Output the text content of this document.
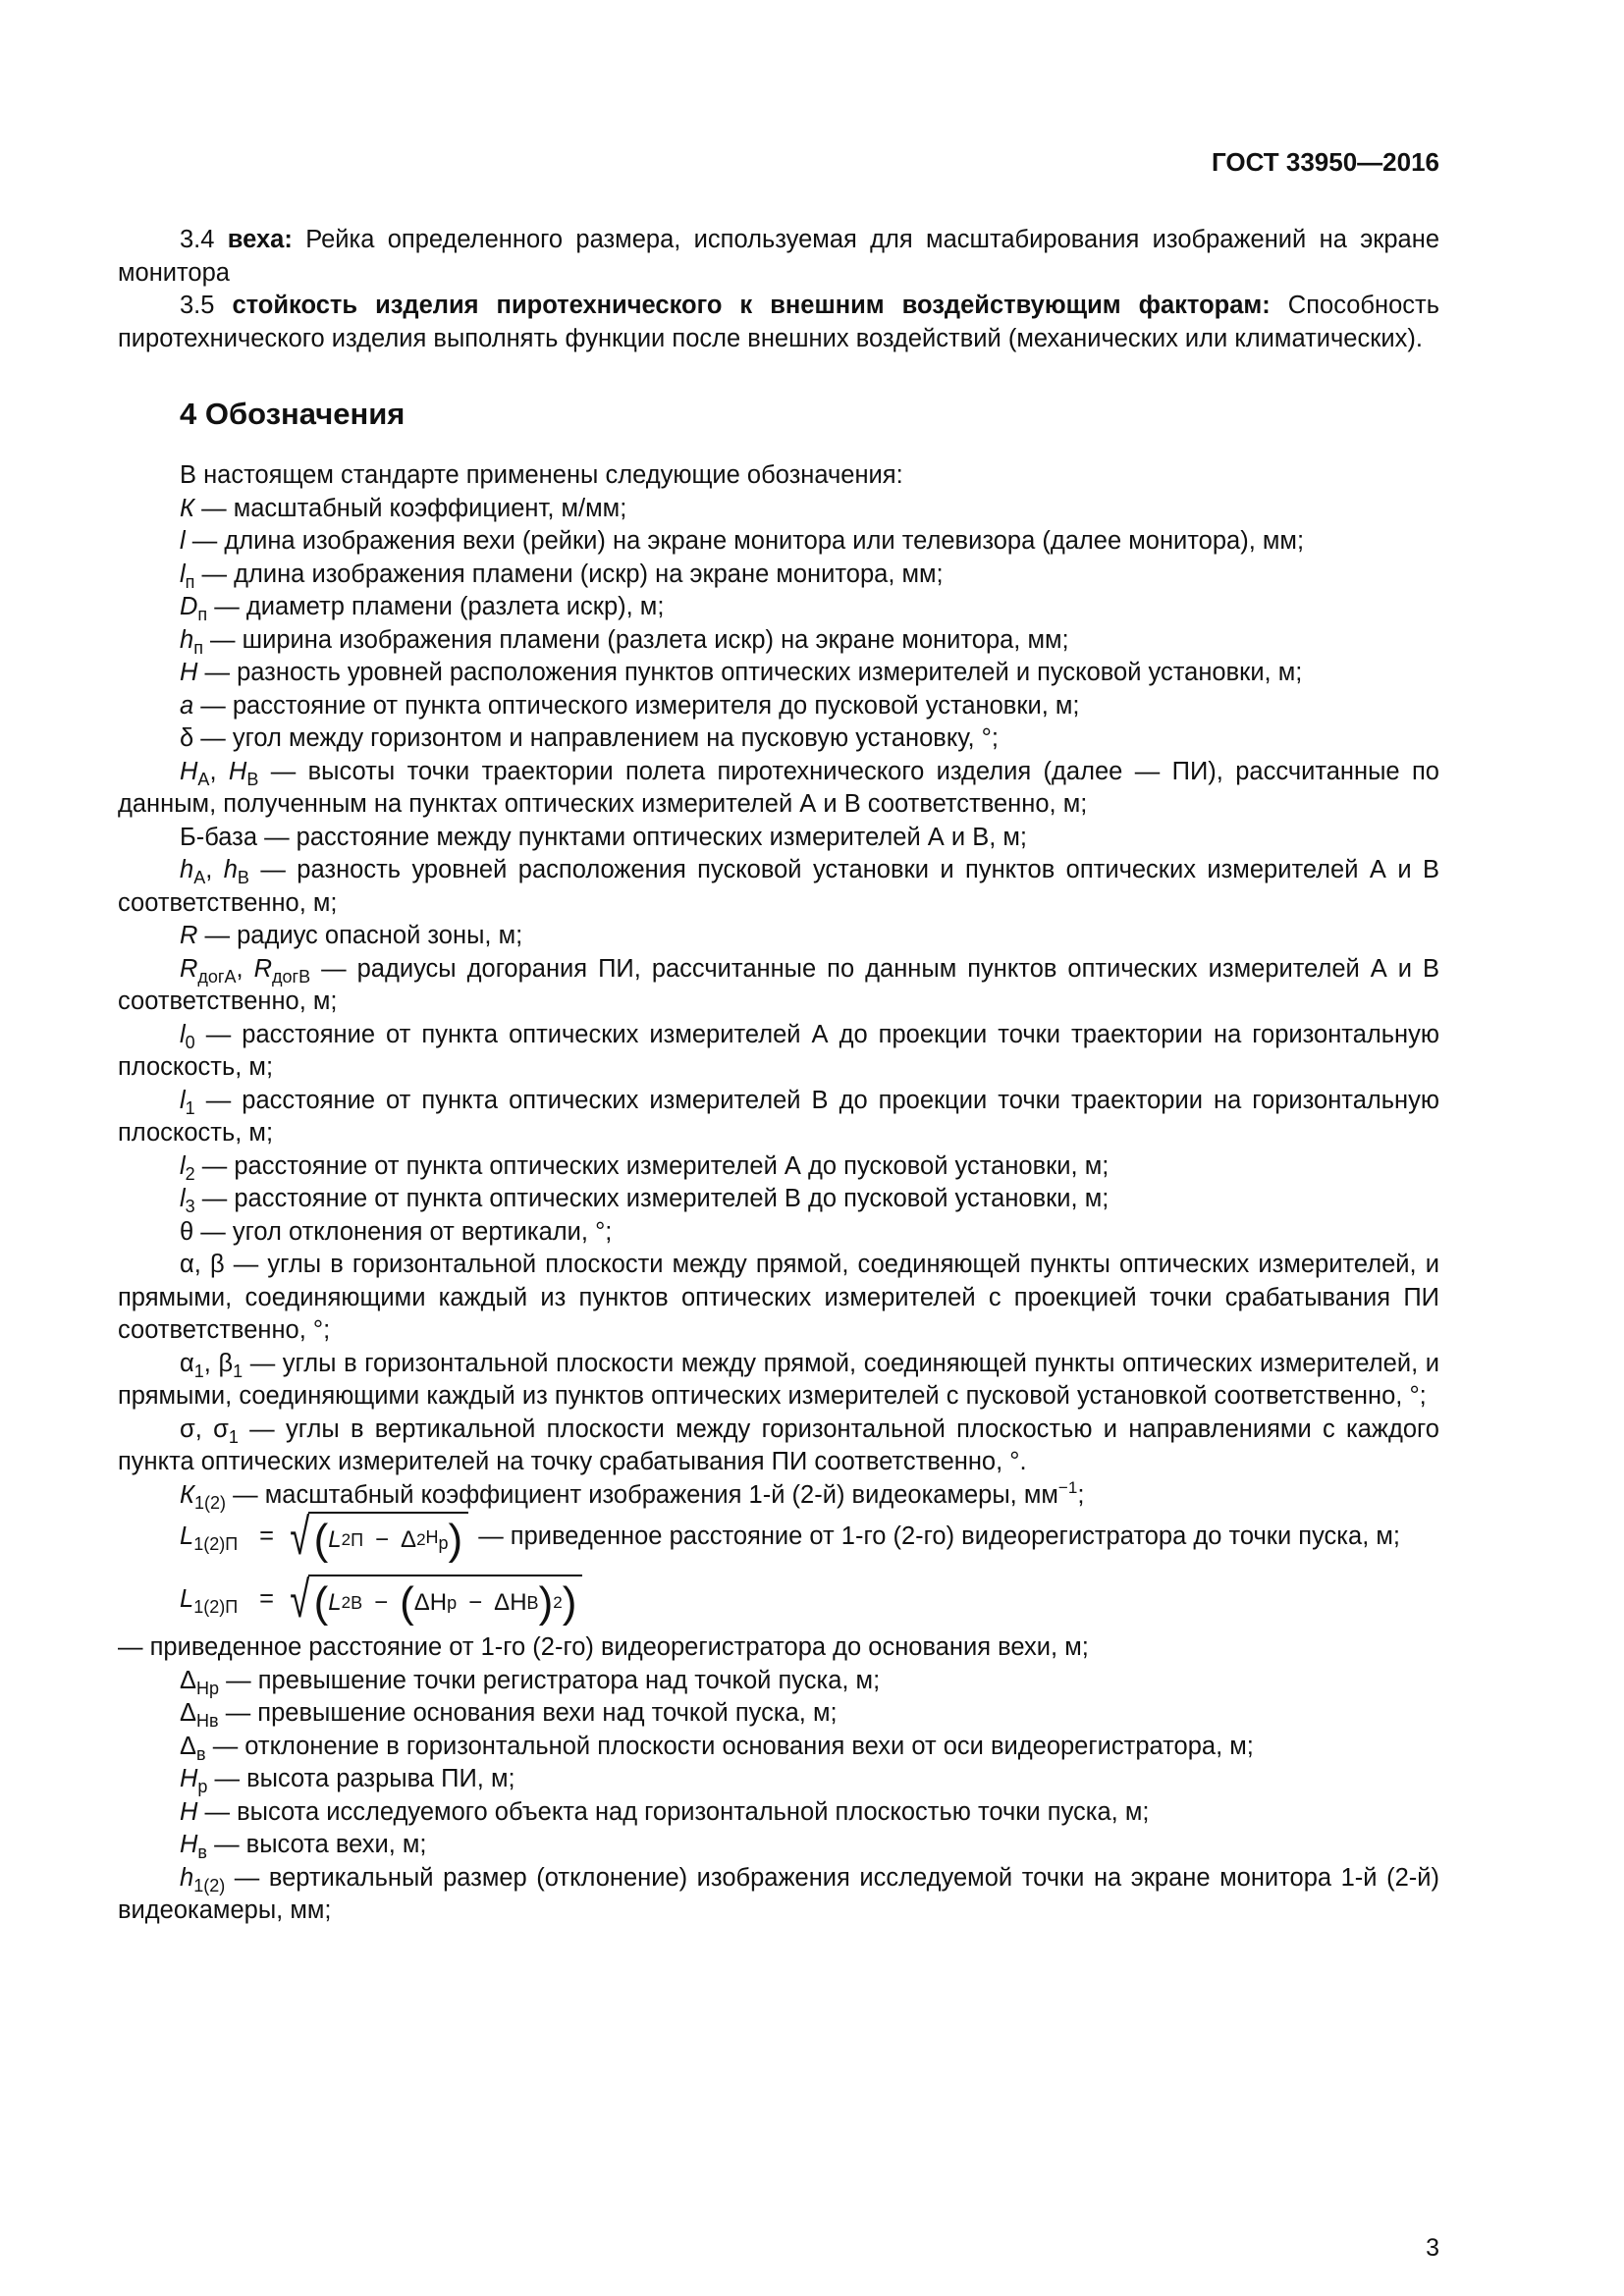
ГОСТ 33950—2016

3.4 веха: Рейка определенного размера, используемая для масштабирования изображений на экране монитора

3.5 стойкость изделия пиротехнического к внешним воздействующим факторам: Способность пиротехнического изделия выполнять функции после внешних воздействий (механических или климатических).

4 Обозначения

В настоящем стандарте применены следующие обозначения:

К — масштабный коэффициент, м/мм;

l — длина изображения вехи (рейки) на экране монитора или телевизора (далее монитора), мм;

$l_п$ — длина изображения пламени (искр) на экране монитора, мм;

$D_п$ — диаметр пламени (разлета искр), м;

$h_п$ — ширина изображения пламени (разлета искр) на экране монитора, мм;

H — разность уровней расположения пунктов оптических измерителей и пусковой установки, м;

a — расстояние от пункта оптического измерителя до пусковой установки, м;

δ — угол между горизонтом и направлением на пусковую установку, °;

$H_A$, $H_B$ — высоты точки траектории полета пиротехнического изделия (далее — ПИ), рассчитанные по данным, полученным на пунктах оптических измерителей А и В соответственно, м;

Б-база — расстояние между пунктами оптических измерителей А и В, м;

$h_A$, $h_B$ — разность уровней расположения пусковой установки и пунктов оптических измерителей А и В соответственно, м;

R — радиус опасной зоны, м;

$R_{догА}$, $R_{догВ}$ — радиусы догорания ПИ, рассчитанные по данным пунктов оптических измерителей А и В соответственно, м;

$l_0$ — расстояние от пункта оптических измерителей А до проекции точки траектории на горизонтальную плоскость, м;

$l_1$ — расстояние от пункта оптических измерителей В до проекции точки траектории на горизонтальную плоскость, м;

$l_2$ — расстояние от пункта оптических измерителей А до пусковой установки, м;

$l_3$ — расстояние от пункта оптических измерителей В до пусковой установки, м;

θ — угол отклонения от вертикали, °;

α, β — углы в горизонтальной плоскости между прямой, соединяющей пункты оптических измерителей, и прямыми, соединяющими каждый из пунктов оптических измерителей с проекцией точки срабатывания ПИ соответственно, °;

$\alpha_1$, $\beta_1$ — углы в горизонтальной плоскости между прямой, соединяющей пункты оптических измерителей, и прямыми, соединяющими каждый из пунктов оптических измерителей с пусковой установкой соответственно, °;

σ, $\sigma_1$ — углы в вертикальной плоскости между горизонтальной плоскостью и направлениями с каждого пункта оптических измерителей на точку срабатывания ПИ соответственно, °.

$К_{1(2)}$ — масштабный коэффициент изображения 1-й (2-й) видеокамеры, $мм^{-1}$;

$L_{1(2)П}$ = √ ( L 2 П − Δ 2 $Н_р$ ) — приведенное расстояние от 1-го (2-го) видеорегистратора до точки пуска, м;
$L_{1(2)П}$ = √ ( L 2 В − ( ΔН р − ΔН В ) 2 )

— приведенное расстояние от 1-го (2-го) видеорегистратора до основания вехи, м;

$\Delta_{Нр}$ — превышение точки регистратора над точкой пуска, м;

$\Delta_{Нв}$ — превышение основания вехи над точкой пуска, м;

$\Delta_в$ — отклонение в горизонтальной плоскости основания вехи от оси видеорегистратора, м;

$H_р$ — высота разрыва ПИ, м;

H — высота исследуемого объекта над горизонтальной плоскостью точки пуска, м;

$H_в$ — высота вехи, м;

$h_{1(2)}$ — вертикальный размер (отклонение) изображения исследуемой точки на экране монитора 1-й (2-й) видеокамеры, мм;

3
